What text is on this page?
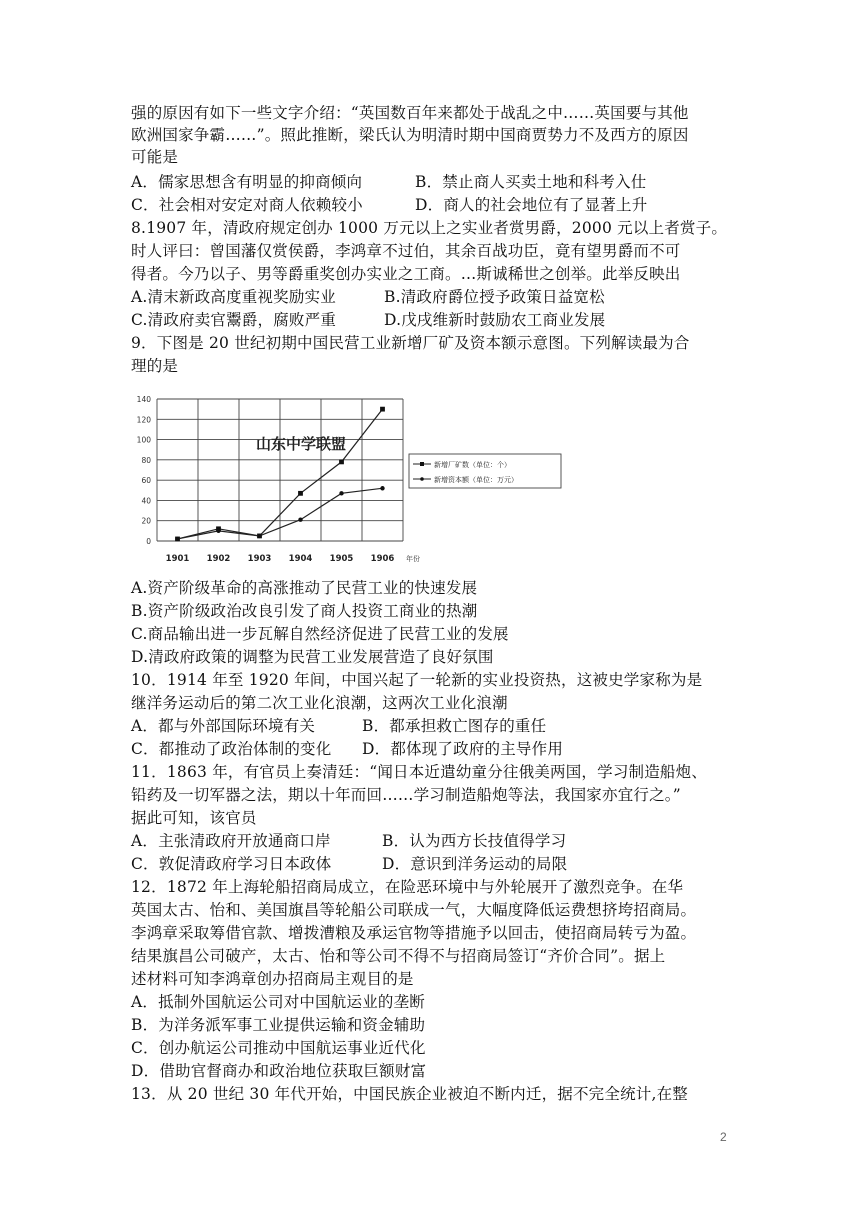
强的原因有如下一些文字介绍：“英国数百年来都处于战乱之中……英国要与其他
欧洲国家争霸……”。照此推断，梁氏认为明清时期中国商贾势力不及西方的原因
可能是
A．儒家思想含有明显的抑商倾向	B．禁止商人买卖土地和科考入仕
C．社会相对安定对商人依赖较小	D．商人的社会地位有了显著上升
8.1907 年，清政府规定创办 1000 万元以上之实业者赏男爵，2000 元以上者赏子。
时人评曰：曾国藩仅赏侯爵，李鸿章不过伯，其余百战功臣，竟有望男爵而不可
得者。今乃以子、男等爵重奖创办实业之工商。…斯诚稀世之创举。此举反映出
A.清末新政高度重视奖励实业	B.清政府爵位授予政策日益宽松
C.清政府卖官鬻爵，腐败严重	D.戊戌维新时鼓励农工商业发展
9．下图是 20 世纪初期中国民营工业新增厂矿及资本额示意图。下列解读最为合
理的是
0
20
40
60
80
100
120
140
1901 1902 1903 1904 1905 1906 年份
山东中学联盟
新增厂矿数（单位：个）
新增资本额（单位：万元）
A.资产阶级革命的高涨推动了民营工业的快速发展
B.资产阶级政治改良引发了商人投资工商业的热潮
C.商品输出进一步瓦解自然经济促进了民营工业的发展
D.清政府政策的调整为民营工业发展营造了良好氛围
10．1914 年至 1920 年间，中国兴起了一轮新的实业投资热，这被史学家称为是
继洋务运动后的第二次工业化浪潮，这两次工业化浪潮
A．都与外部国际环境有关	B．都承担救亡图存的重任
C．都推动了政治体制的变化 D．都体现了政府的主导作用
11．1863 年，有官员上奏清廷：“闻日本近遣幼童分往俄美两国，学习制造船炮、
铅药及一切军器之法，期以十年而回……学习制造船炮等法，我国家亦宜行之。”
据此可知，该官员
A．主张清政府开放通商口岸	B．认为西方长技值得学习
C．敦促清政府学习日本政体	D．意识到洋务运动的局限
12．1872 年上海轮船招商局成立，在险恶环境中与外轮展开了激烈竞争。在华
英国太古、怡和、美国旗昌等轮船公司联成一气，大幅度降低运费想挤垮招商局。
李鸿章采取筹借官款、增拨漕粮及承运官物等措施予以回击，使招商局转亏为盈。
结果旗昌公司破产，太古、怡和等公司不得不与招商局签订“齐价合同”。据上
述材料可知李鸿章创办招商局主观目的是
A．抵制外国航运公司对中国航运业的垄断
B．为洋务派军事工业提供运输和资金辅助
C．创办航运公司推动中国航运事业近代化
D．借助官督商办和政治地位获取巨额财富
13．从 20 世纪 30 年代开始，中国民族企业被迫不断内迁，据不完全统计,在整
2
